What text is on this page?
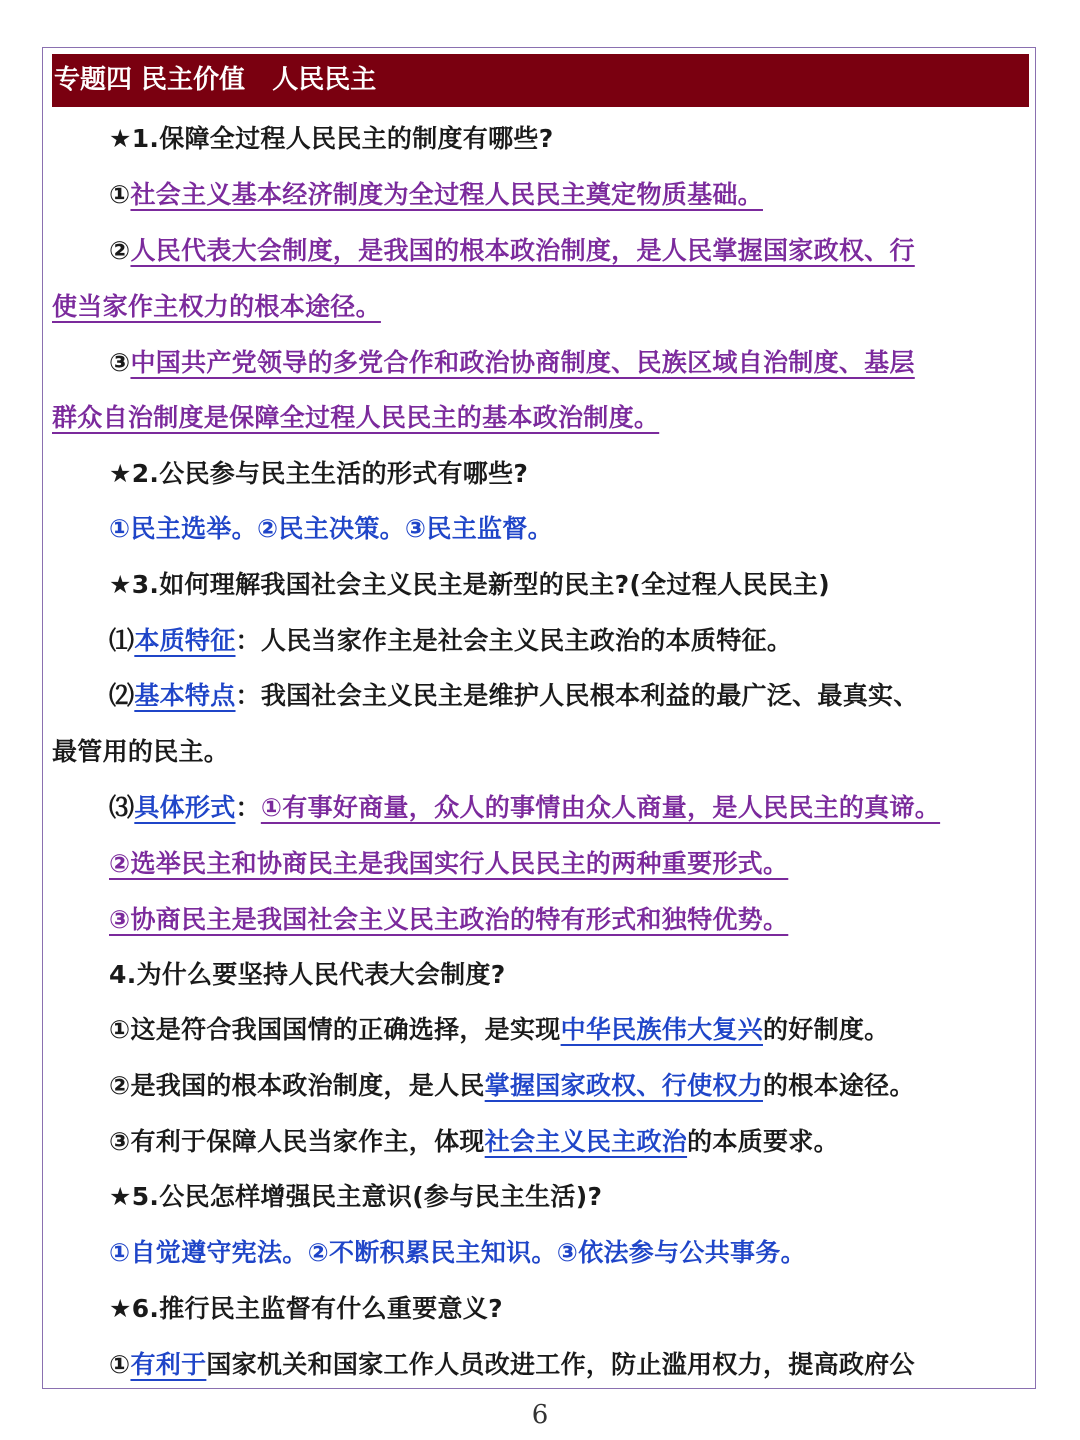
专题四 民主价值   人民民主
★1.保障全过程人民民主的制度有哪些?
①社会主义基本经济制度为全过程人民民主奠定物质基础。
②人民代表大会制度，是我国的根本政治制度，是人民掌握国家政权、行
使当家作主权力的根本途径。
③中国共产党领导的多党合作和政治协商制度、民族区域自治制度、基层
群众自治制度是保障全过程人民民主的基本政治制度。
★2.公民参与民主生活的形式有哪些?
①民主选举。②民主决策。③民主监督。
★3.如何理解我国社会主义民主是新型的民主?(全过程人民民主)
⑴本质特征：人民当家作主是社会主义民主政治的本质特征。
⑵基本特点：我国社会主义民主是维护人民根本利益的最广泛、最真实、
最管用的民主。
⑶具体形式：①有事好商量，众人的事情由众人商量，是人民民主的真谛。
②选举民主和协商民主是我国实行人民民主的两种重要形式。
③协商民主是我国社会主义民主政治的特有形式和独特优势。
4.为什么要坚持人民代表大会制度?
①这是符合我国国情的正确选择，是实现中华民族伟大复兴的好制度。
②是我国的根本政治制度，是人民掌握国家政权、行使权力的根本途径。
③有利于保障人民当家作主，体现社会主义民主政治的本质要求。
★5.公民怎样增强民主意识(参与民主生活)?
①自觉遵守宪法。②不断积累民主知识。③依法参与公共事务。
★6.推行民主监督有什么重要意义?
①有利于国家机关和国家工作人员改进工作，防止滥用权力，提高政府公
6
